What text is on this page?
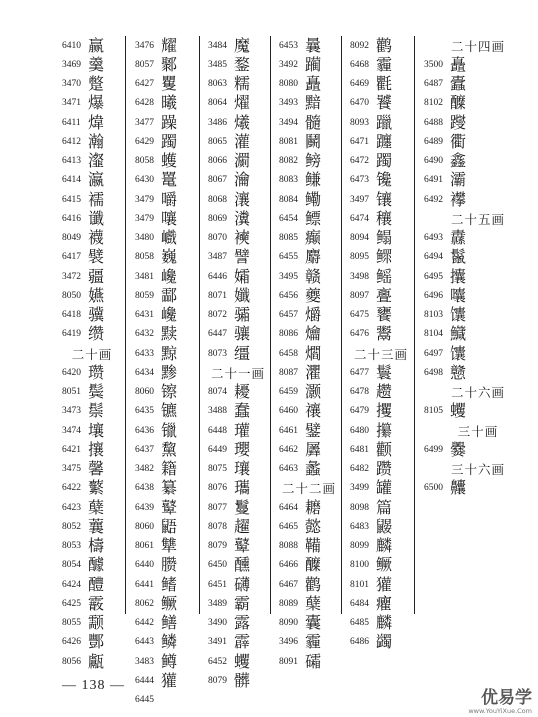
6410 赢
3469 羹
3470 蹩
3471 爆
6411 煒
6412 瀚
6413 瀣
6414 瀛
6415 襦
6416 谶
8049 襪
6417 襞
3472 疆
8050 嬿
6418 骥
6419 缵
二十画
6420 瓒
8051 鬓
3473 鬃
3474 壤
6421 攘
3475 馨
6422 蘩
6423 蘖
8052 蘘
8053 檮
8054 醵
6424 醴
6425 霰
8055 颥
6426 酆
8056 甗
3476 耀
8057 鄹
6427 矍
6428 曦
3477 躁
6429 躅
8058 蠖
6430 鼍
3479 嚼
3479 嚷
3480 巇
8058 巍
3481 巉
8059 酃
6431 巉
6432 黩
6433 黥
6434 黪
8060 镲
6435 镳
6436 镴
6437 黧
3482 籍
6438 纂
6439 鼙
8060 鼯
8061 犨
6440 臜
6441 鳍
8062 鳜
6442 鳝
6443 鳞
3483 鳟
6444 獾
6445
3484 魔
3485 鍪
8063 糯
8064 燿
3486 爔
8065 灌
8066 瀱
8067 瀹
8068 瀼
8069 瀵
8070 襫
3487 譬
6446 孀
8071 孅
8072 骦
6447 骧
8073 缰
二十一画
8074 耰
3488 蠢
6448 瓘
6449 瓔
8075 瓖
8076 瓗
8077 鬘
8078 趯
8079 鼙
6450 醺
6451 礴
3489 霸
3490 露
3491 霹
6452 蠼
8079 髒
6453 曩
3492 躏
8080 矗
3493 黯
3494 髓
8081 鬭
8082 鳑
8083 鳒
8084 鳓
6454 鳔
8085 癫
6455 麝
3495 赣
6456 夔
6457 爝
8086 爚
6458 爓
8087 灈
6459 灏
6460 禳
6461 鐾
6462 羼
6463 蠡
二十二画
6464 耱
6465 懿
8088 鞴
6466 醾
6467 鹳
8089 蘖
8090 囊
3496 霾
8091 礵
8092 鹳
6468 霾
6469 氍
6470 饕
8093 躐
6471 躔
6472 躅
6473 镵
3497 镶
6474 穰
8094 鳎
8095 鳏
3498 鳐
8097 亹
6475 饔
6476 鬻
二十三画
6477 鬟
6478 趱
6479 攫
6480 攥
6481 颧
6482 躜
3499 罐
8098 篇
6483 鼹
8099 麟
8100 鳜
8101 獾
6484 癯
6485 麟
6486 蠲
二十四画
3500 矗
6487 蠹
8102 醾
6488 躞
6489 衢
6490 鑫
6491 灞
6492 襻
二十五画
6493 纛
6494 鬣
6495 攮
6496 囔
8103 馕
8104 鱵
6497 馕
6498 戆
二十六画
8105 蠼
三十画
6499 爨
三十六画
6500 齉
— 138 —
优易学
www.YouYiXue.Com
